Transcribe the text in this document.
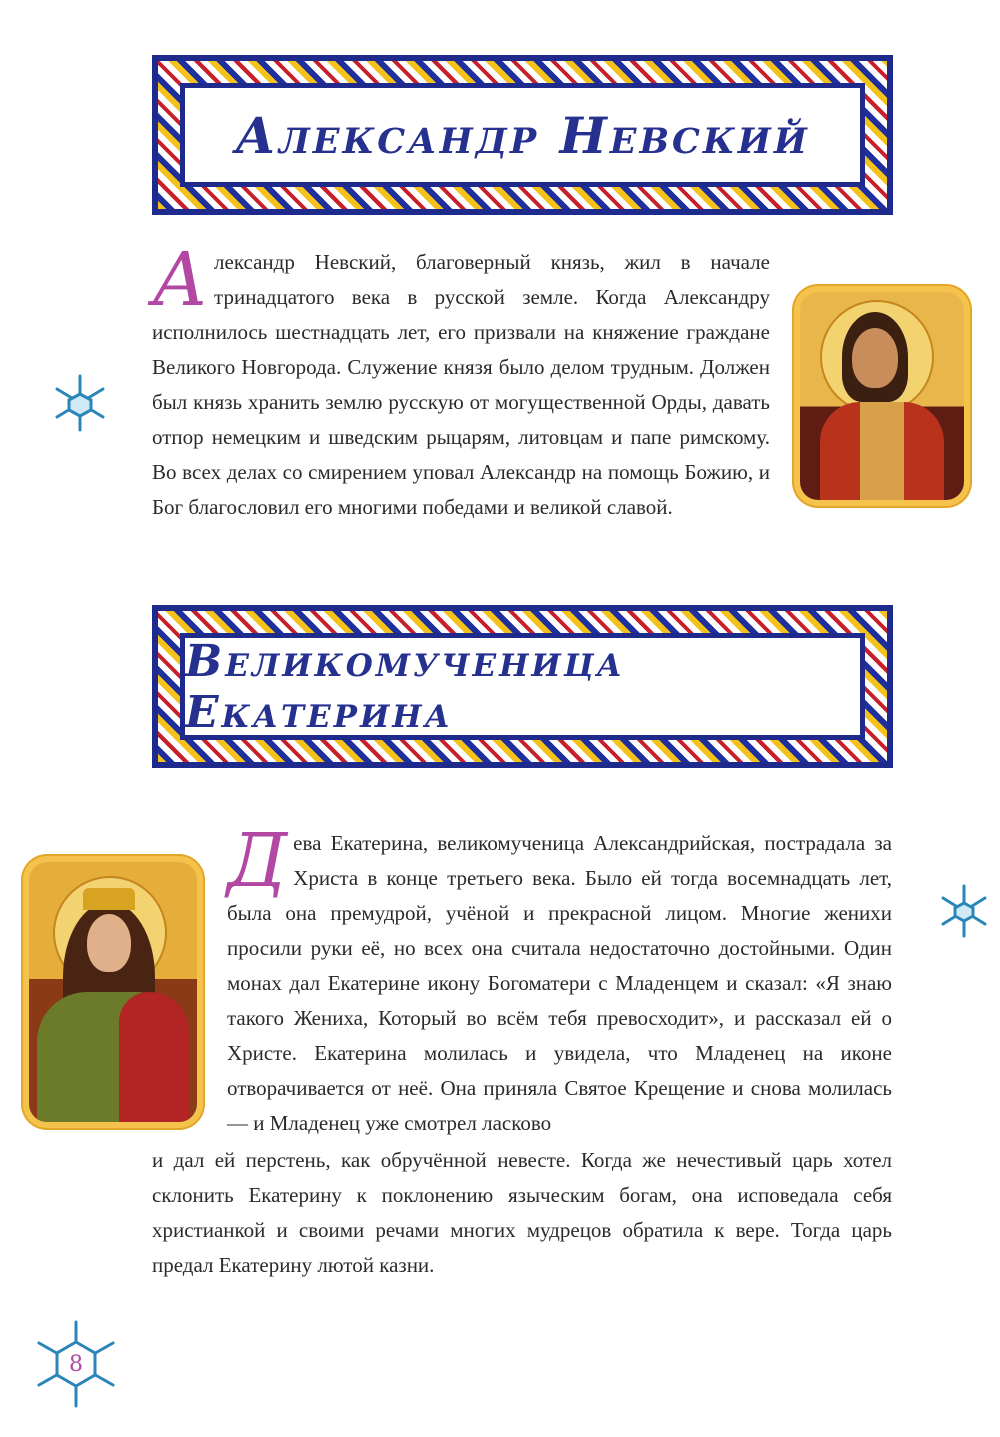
Александр Невский

Александр Невский, благоверный князь, жил в начале тринадцатого века в русской земле. Когда Александру исполнилось шестнадцать лет, его призвали на княжение граждане Великого Новгорода. Служение князя было делом трудным. Должен был князь хранить землю русскую от могущественной Орды, давать отпор немецким и шведским рыцарям, литовцам и папе римскому. Во всех делах со смирением уповал Александр на помощь Божию, и Бог благословил его многими победами и великой славой.

Великомученица Екатерина

Дева Екатерина, великомученица Александрийская, пострадала за Христа в конце третьего века. Было ей тогда восемнадцать лет, была она премудрой, учёной и прекрасной лицом. Многие женихи просили руки её, но всех она считала недостаточно достойными. Один монах дал Екатерине икону Богоматери с Младенцем и сказал: «Я знаю такого Жениха, Который во всём тебя превосходит», и рассказал ей о Христе. Екатерина молилась и увидела, что Младенец на иконе отворачивается от неё. Она приняла Святое Крещение и снова молилась — и Младенец уже смотрел ласково

и дал ей перстень, как обручённой невесте. Когда же нечестивый царь хотел склонить Екатерину к поклонению языческим богам, она исповедала себя христианкой и своими речами многих мудрецов обратила к вере. Тогда царь предал Екатерину лютой казни.

8
